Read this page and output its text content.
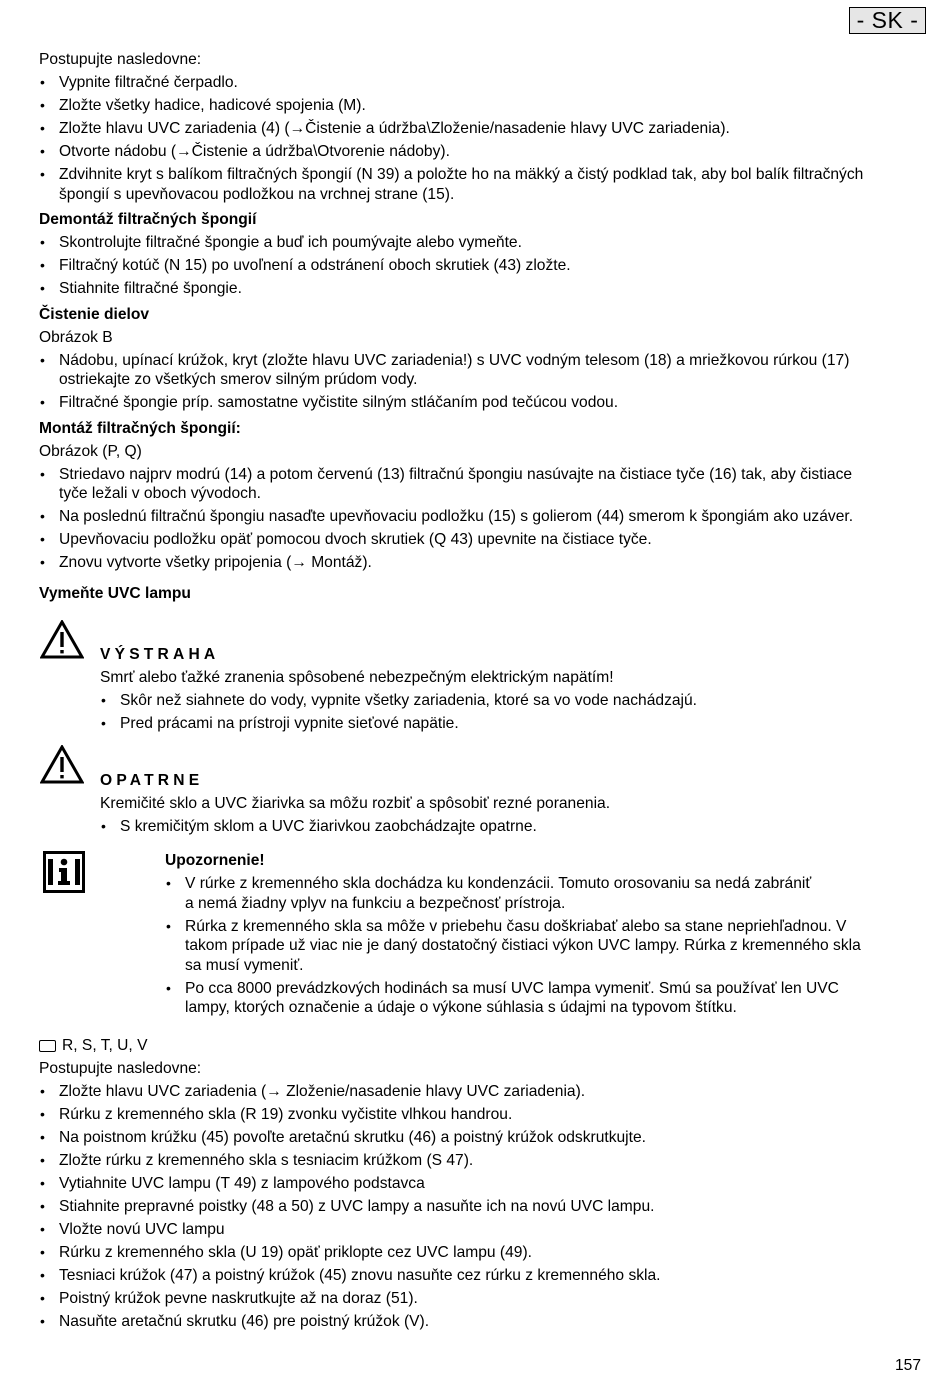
- SK -
Postupujte nasledovne:
• Vypnite filtračné čerpadlo.
• Zložte všetky hadice, hadicové spojenia (M).
• Zložte hlavu UVC zariadenia (4) (→Čistenie a údržba\Zloženie/nasadenie hlavy UVC zariadenia).
• Otvorte nádobu (→Čistenie a údržba\Otvorenie nádoby).
• Zdvihnite kryt s balíkom filtračných špongií (N 39) a položte ho na mäkký a čistý podklad tak, aby bol balík filtračných
špongií s upevňovacou podložkou na vrchnej strane (15).
Demontáž filtračných špongií
• Skontrolujte filtračné špongie a buď ich poumývajte alebo vymeňte.
• Filtračný kotúč (N 15) po uvoľnení a odstránení oboch skrutiek (43) zložte.
• Stiahnite filtračné špongie.
Čistenie dielov
Obrázok B
• Nádobu, upínací krúžok, kryt (zložte hlavu UVC zariadenia!) s UVC vodným telesom (18) a mriežkovou rúrkou (17)
ostriekajte zo všetkých smerov silným prúdom vody.
• Filtračné špongie príp. samostatne vyčistite silným stláčaním pod tečúcou vodou.
Montáž filtračných špongií:
Obrázok (P, Q)
• Striedavo najprv modrú (14) a potom červenú (13) filtračnú špongiu nasúvajte na čistiace tyče (16) tak, aby čistiace
tyče ležali v oboch vývodoch.
• Na poslednú filtračnú špongiu nasaďte upevňovaciu podložku (15) s golierom (44) smerom k špongiám ako uzáver.
• Upevňovaciu podložku opäť pomocou dvoch skrutiek (Q 43) upevnite na čistiace tyče.
• Znovu vytvorte všetky pripojenia (→ Montáž).
Vymeňte UVC lampu
VÝSTRAHA
Smrť alebo ťažké zranenia spôsobené nebezpečným elektrickým napätím!
• Skôr než siahnete do vody, vypnite všetky zariadenia, ktoré sa vo vode nachádzajú.
• Pred prácami na prístroji vypnite sieťové napätie.
OPATRNE
Kremičité sklo a UVC žiarivka sa môžu rozbiť a spôsobiť rezné poranenia.
• S kremičitým sklom a UVC žiarivkou zaobchádzajte opatrne.
Upozornenie!
• V rúrke z kremenného skla dochádza ku kondenzácii. Tomuto orosovaniu sa nedá zabrániť
a nemá žiadny vplyv na funkciu a bezpečnosť prístroja.
• Rúrka z kremenného skla sa môže v priebehu času doškriabať alebo sa stane nepriehľadnou. V
takom prípade už viac nie je daný dostatočný čistiaci výkon UVC lampy. Rúrka z kremenného skla
sa musí vymeniť.
• Po cca 8000 prevádzkových hodinách sa musí UVC lampa vymeniť. Smú sa používať len UVC
lampy, ktorých označenie a údaje o výkone súhlasia s údajmi na typovom štítku.
R, S, T, U, V
Postupujte nasledovne:
• Zložte hlavu UVC zariadenia (→ Zloženie/nasadenie hlavy UVC zariadenia).
• Rúrku z kremenného skla (R 19) zvonku vyčistite vlhkou handrou.
• Na poistnom krúžku (45) povoľte aretačnú skrutku (46) a poistný krúžok odskrutkujte.
• Zložte rúrku z kremenného skla s tesniacim krúžkom (S 47).
• Vytiahnite UVC lampu (T 49) z lampového podstavca
• Stiahnite prepravné poistky (48 a 50) z UVC lampy a nasuňte ich na novú UVC lampu.
• Vložte novú UVC lampu
• Rúrku z kremenného skla (U 19) opäť priklopte cez UVC lampu (49).
• Tesniaci krúžok (47) a poistný krúžok (45) znovu nasuňte cez rúrku z kremenného skla.
• Poistný krúžok pevne naskrutkujte až na doraz (51).
• Nasuňte aretačnú skrutku (46) pre poistný krúžok (V).
157
